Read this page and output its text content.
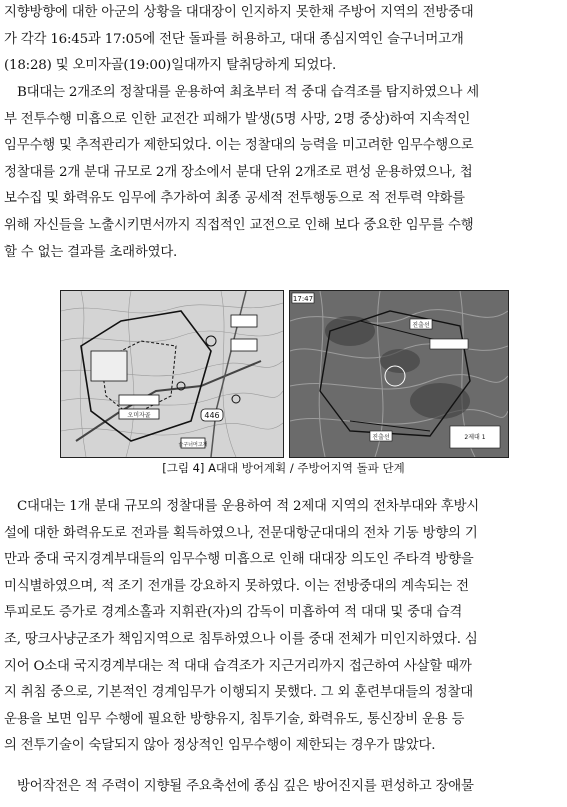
지향방향에 대한 아군의 상황을 대대장이 인지하지 못한채 주방어 지역의 전방중대
가 각각 16:45과 17:05에 전단 돌파를 허용하고, 대대 종심지역인 슬구너머고개
(18:28) 및 오미자골(19:00)일대까지 탈취당하게 되었다.
B대대는 2개조의 정찰대를 운용하여 최초부터 적 중대 습격조를 탐지하였으나 세
부 전투수행 미흡으로 인한 교전간 피해가 발생(5명 사망, 2명 중상)하여 지속적인
임무수행 및 추적관리가 제한되었다. 이는 정찰대의 능력을 미고려한 임무수행으로
정찰대를 2개 분대 규모로 2개 장소에서 분대 단위 2개조로 편성 운용하였으나, 첩
보수집 및 화력유도 임무에 추가하여 최종 공세적 전투행동으로 적 전투력 약화를
위해 자신들을 노출시키면서까지 직접적인 교전으로 인해 보다 중요한 임무를 수행
할 수 없는 결과를 초래하였다.
446
오미자골
슬구너머고개
17:47
진출선
진출선	2제대 1
[그림 4] A대대 방어계획 / 주방어지역 돌파 단계
C대대는 1개 분대 규모의 정찰대를 운용하여 적 2제대 지역의 전차부대와 후방시
설에 대한 화력유도로 전과를 획득하였으나, 전문대항군대대의 전차 기동 방향의 기
만과 중대 국지경계부대들의 임무수행 미흡으로 인해 대대장 의도인 주타격 방향을
미식별하였으며, 적 조기 전개를 강요하지 못하였다. 이는 전방중대의 계속되는 전
투피로도 증가로 경계소홀과 지휘관(자)의 감독이 미흡하여 적 대대 및 중대 습격
조, 땅크사냥군조가 책임지역으로 침투하였으나 이를 중대 전체가 미인지하였다. 심
지어 O소대 국지경계부대는 적 대대 습격조가 지근거리까지 접근하여 사살할 때까
지 취침 중으로, 기본적인 경계임무가 이행되지 못했다. 그 외 훈련부대들의 정찰대
운용을 보면 임무 수행에 필요한 방향유지, 침투기술, 화력유도, 통신장비 운용 등
의 전투기술이 숙달되지 않아 정상적인 임무수행이 제한되는 경우가 많았다.
방어작전은 적 주력이 지향될 주요축선에 종심 깊은 방어진지를 편성하고 장애물
